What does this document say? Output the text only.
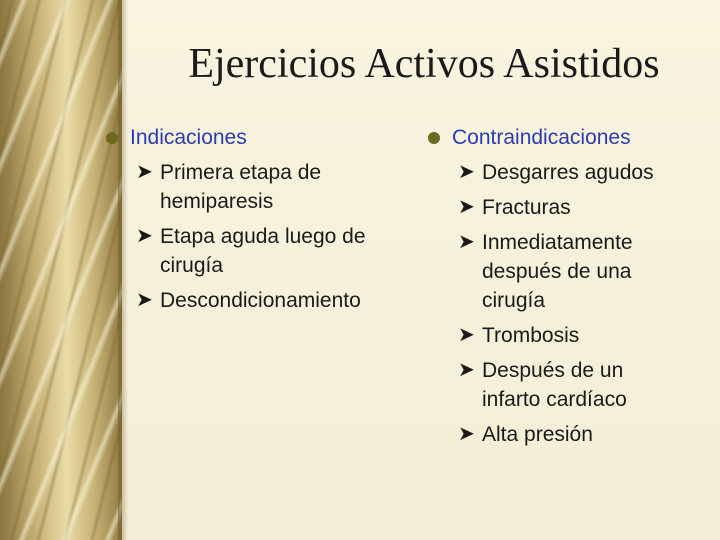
Ejercicios Activos Asistidos
Indicaciones
➤ Primera etapa de
hemiparesis
➤ Etapa aguda luego de
cirugía
➤ Descondicionamiento
Contraindicaciones
➤ Desgarres agudos
➤ Fracturas
➤ Inmediatamente
después de una
cirugía
➤ Trombosis
➤ Después de un
infarto cardíaco
➤ Alta presión
